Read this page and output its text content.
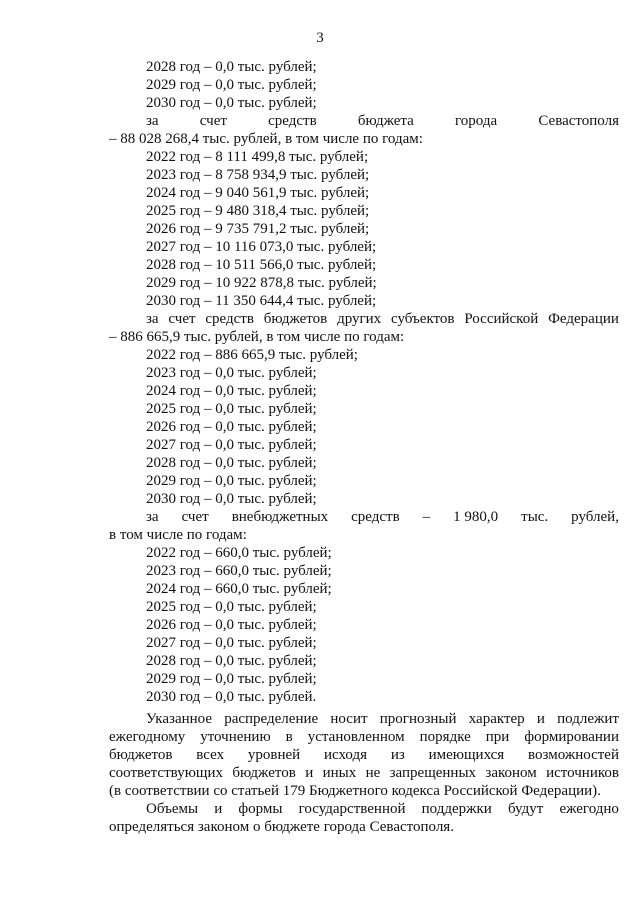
3
2028 год – 0,0 тыс. рублей;
2029 год – 0,0 тыс. рублей;
2030 год – 0,0 тыс. рублей;
за	счет	средств	бюджета	города	Севастополя
– 88 028 268,4 тыс. рублей, в том числе по годам:
2022 год – 8 111 499,8 тыс. рублей;
2023 год – 8 758 934,9 тыс. рублей;
2024 год – 9 040 561,9 тыс. рублей;
2025 год – 9 480 318,4 тыс. рублей;
2026 год – 9 735 791,2 тыс. рублей;
2027 год – 10 116 073,0 тыс. рублей;
2028 год – 10 511 566,0 тыс. рублей;
2029 год – 10 922 878,8 тыс. рублей;
2030 год – 11 350 644,4 тыс. рублей;
за счет средств бюджетов других субъектов Российской Федерации
– 886 665,9 тыс. рублей, в том числе по годам:
2022 год – 886 665,9 тыс. рублей;
2023 год – 0,0 тыс. рублей;
2024 год – 0,0 тыс. рублей;
2025 год – 0,0 тыс. рублей;
2026 год – 0,0 тыс. рублей;
2027 год – 0,0 тыс. рублей;
2028 год – 0,0 тыс. рублей;
2029 год – 0,0 тыс. рублей;
2030 год – 0,0 тыс. рублей;
за счет внебюджетных средств – 1 980,0 тыс. рублей,
в том числе по годам:
2022 год – 660,0 тыс. рублей;
2023 год – 660,0 тыс. рублей;
2024 год – 660,0 тыс. рублей;
2025 год – 0,0 тыс. рублей;
2026 год – 0,0 тыс. рублей;
2027 год – 0,0 тыс. рублей;
2028 год – 0,0 тыс. рублей;
2029 год – 0,0 тыс. рублей;
2030 год – 0,0 тыс. рублей.
Указанное распределение носит прогнозный характер и подлежит
ежегодному уточнению в установленном порядке при формировании
бюджетов всех уровней исходя из имеющихся возможностей
соответствующих бюджетов и иных не запрещенных законом источников
(в соответствии со статьей 179 Бюджетного кодекса Российской Федерации).
Объемы и формы государственной поддержки будут ежегодно
определяться законом о бюджете города Севастополя.
